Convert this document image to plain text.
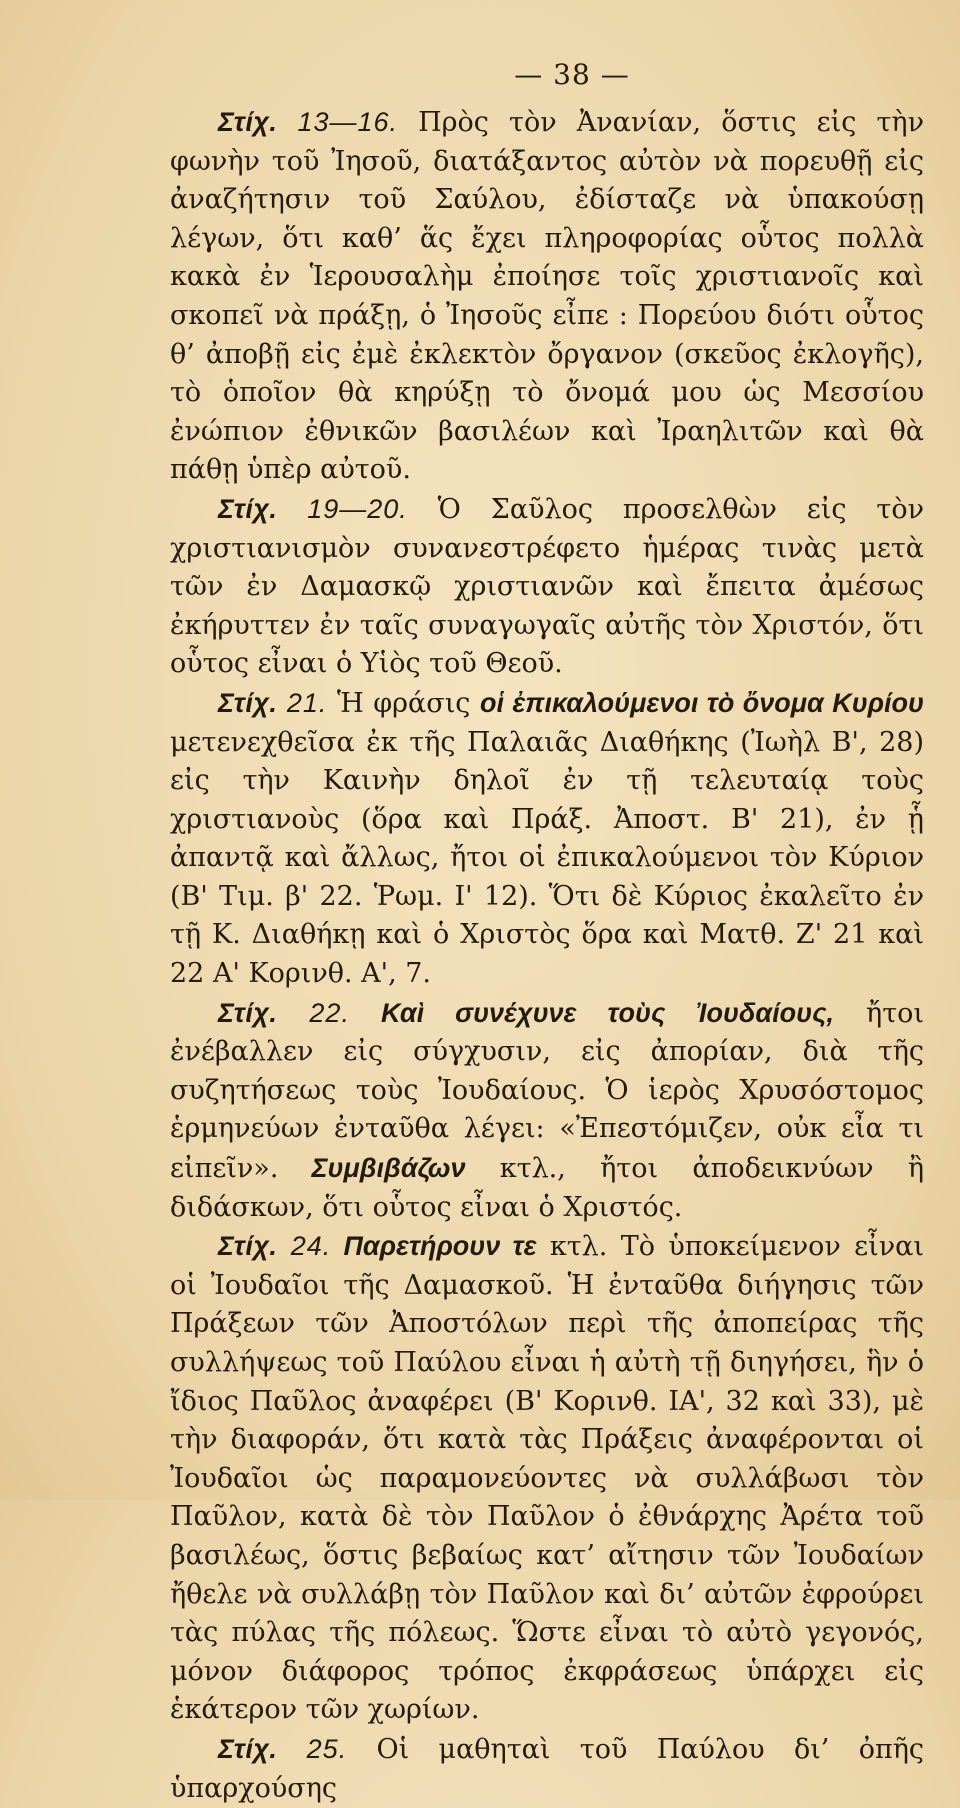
— 38 —

Στίχ. 13—16. Πρὸς τὸν Ἀνανίαν, ὅστις εἰς τὴν φωνὴν τοῦ Ἰησοῦ, διατάξαντος αὐτὸν νὰ πορευθῇ εἰς ἀναζήτησιν τοῦ Σαύλου, ἐδίσταζε νὰ ὑπακούσῃ λέγων, ὅτι καθ’ ἅς ἔχει πληροφορίας οὗτος πολλὰ κακὰ ἐν Ἱερουσαλὴμ ἐποίησε τοῖς χριστιανοῖς καὶ σκοπεῖ νὰ πράξῃ, ὁ Ἰησοῦς εἶπε : Πορεύου διότι οὗτος θ’ ἀποβῇ εἰς ἐμὲ ἐκλεκτὸν ὄργανον (σκεῦος ἐκλογῆς), τὸ ὁποῖον θὰ κηρύξῃ τὸ ὄνομά μου ὡς Μεσσίου ἐνώπιον ἐθνικῶν βασιλέων καὶ Ἰραηλιτῶν καὶ θὰ πάθῃ ὑπὲρ αὐτοῦ.

Στίχ. 19—20. Ὁ Σαῦλος προσελθὼν εἰς τὸν χριστιανισμὸν συνανεστρέφετο ἡμέρας τινὰς μετὰ τῶν ἐν Δαμασκῷ χριστιανῶν καὶ ἔπειτα ἀμέσως ἐκήρυττεν ἐν ταῖς συναγωγαῖς αὐτῆς τὸν Χριστόν, ὅτι οὗτος εἶναι ὁ Υἱὸς τοῦ Θεοῦ.

Στίχ. 21. Ἡ φράσις οἱ ἐπικαλούμενοι τὸ ὄνομα Κυρίου μετενεχθεῖσα ἐκ τῆς Παλαιᾶς Διαθήκης (Ἰωὴλ Β', 28) εἰς τὴν Καινὴν δηλοῖ ἐν τῇ τελευταίᾳ τοὺς χριστιανοὺς (ὅρα καὶ Πράξ. Ἀποστ. Β' 21), ἐν ᾗ ἀπαντᾷ καὶ ἄλλως, ἤτοι οἱ ἐπικαλούμενοι τὸν Κύριον (Β' Τιμ. β' 22. Ῥωμ. Ι' 12). Ὅτι δὲ Κύριος ἐκαλεῖτο ἐν τῇ Κ. Διαθήκῃ καὶ ὁ Χριστὸς ὅρα καὶ Ματθ. Ζ' 21 καὶ 22 Α' Κορινθ. Α', 7.

Στίχ. 22. Καὶ συνέχυνε τοὺς Ἰουδαίους, ἤτοι ἐνέβαλλεν εἰς σύγχυσιν, εἰς ἀπορίαν, διὰ τῆς συζητήσεως τοὺς Ἰουδαίους. Ὁ ἱερὸς Χρυσόστομος ἑρμηνεύων ἐνταῦθα λέγει: «Ἐπεστόμιζεν, οὐκ εἶα τι εἰπεῖν». Συμβιβάζων κτλ., ἤτοι ἀποδεικνύων ἢ διδάσκων, ὅτι οὗτος εἶναι ὁ Χριστός.

Στίχ. 24. Παρετήρουν τε κτλ. Τὸ ὑποκείμενον εἶναι οἱ Ἰουδαῖοι τῆς Δαμασκοῦ. Ἡ ἐνταῦθα διήγησις τῶν Πράξεων τῶν Ἀποστόλων περὶ τῆς ἀποπείρας τῆς συλλήψεως τοῦ Παύλου εἶναι ἡ αὐτὴ τῇ διηγήσει, ἣν ὁ ἴδιος Παῦλος ἀναφέρει (Β' Κορινθ. ΙΑ', 32 καὶ 33), μὲ τὴν διαφοράν, ὅτι κατὰ τὰς Πράξεις ἀναφέρονται οἱ Ἰουδαῖοι ὡς παραμονεύοντες νὰ συλλάβωσι τὸν Παῦλον, κατὰ δὲ τὸν Παῦλον ὁ ἐθνάρχης Ἀρέτα τοῦ βασιλέως, ὅστις βεβαίως κατ’ αἴτησιν τῶν Ἰουδαίων ἤθελε νὰ συλλάβῃ τὸν Παῦλον καὶ δι’ αὐτῶν ἐφρούρει τὰς πύλας τῆς πόλεως. Ὥστε εἶναι τὸ αὐτὸ γεγονός, μόνον διάφορος τρόπος ἐκφράσεως ὑπάρχει εἰς ἑκάτερον τῶν χωρίων.

Στίχ. 25. Οἱ μαθηταὶ τοῦ Παύλου δι’ ὀπῆς ὑπαρχούσης
